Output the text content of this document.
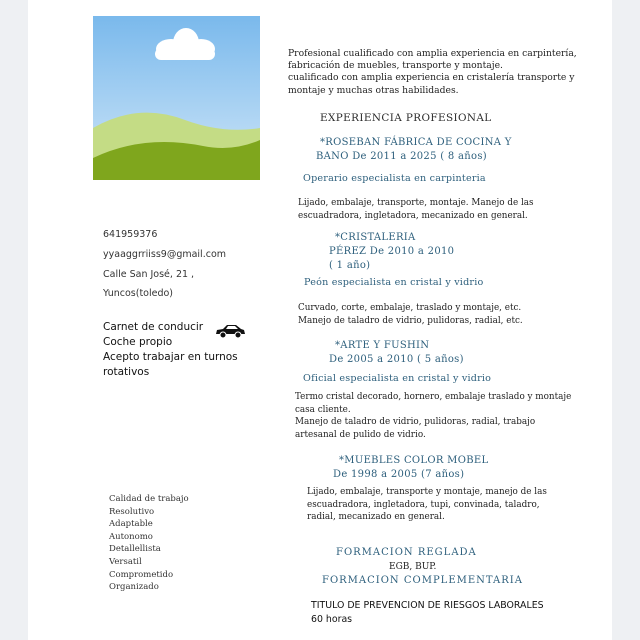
641959376
yyaaggrriiss9@gmail.com
Calle San José, 21 ,
Yuncos(toledo)
Carnet de conducir
Coche propio
Acepto trabajar en turnos
rotativos
Calidad de trabajo
Resolutivo
Adaptable
Autonomo
Detallellista
Versatil
Comprometido
Organizado
Profesional cualificado con amplia experiencia en carpintería,
fabricación de muebles, transporte y montaje.
cualificado con amplia experiencia en cristalería transporte y
montaje y muchas otras habilidades.
EXPERIENCIA PROFESIONAL
*ROSEBAN FÁBRICA DE COCINA Y
BANO De 2011 a 2025 ( 8 años)
Operario especialista en carpinteria
Lijado, embalaje, transporte, montaje. Manejo de las
escuadradora, ingletadora, mecanizado en general.
*CRISTALERIA
PÉREZ De 2010 a 2010
( 1 año)
Peón especialista en cristal y vidrio
Curvado, corte, embalaje, traslado y montaje, etc.
Manejo de taladro de vidrio, pulidoras, radial, etc.
*ARTE Y FUSHIN
De 2005 a 2010 ( 5 años)
Oficial especialista en cristal y vidrio
Termo cristal decorado, hornero, embalaje traslado y montaje
casa cliente.
Manejo de taladro de vidrio, pulidoras, radial, trabajo
artesanal de pulido de vidrio.
*MUEBLES COLOR MOBEL
De 1998 a 2005 (7 años)
Lijado, embalaje, transporte y montaje, manejo de las
escuadradora, ingletadora, tupi, convinada, taladro,
radial, mecanizado en general.
FORMACION REGLADA
EGB, BUP.
FORMACION COMPLEMENTARIA
TITULO DE PREVENCION DE RIESGOS LABORALES
60 horas
